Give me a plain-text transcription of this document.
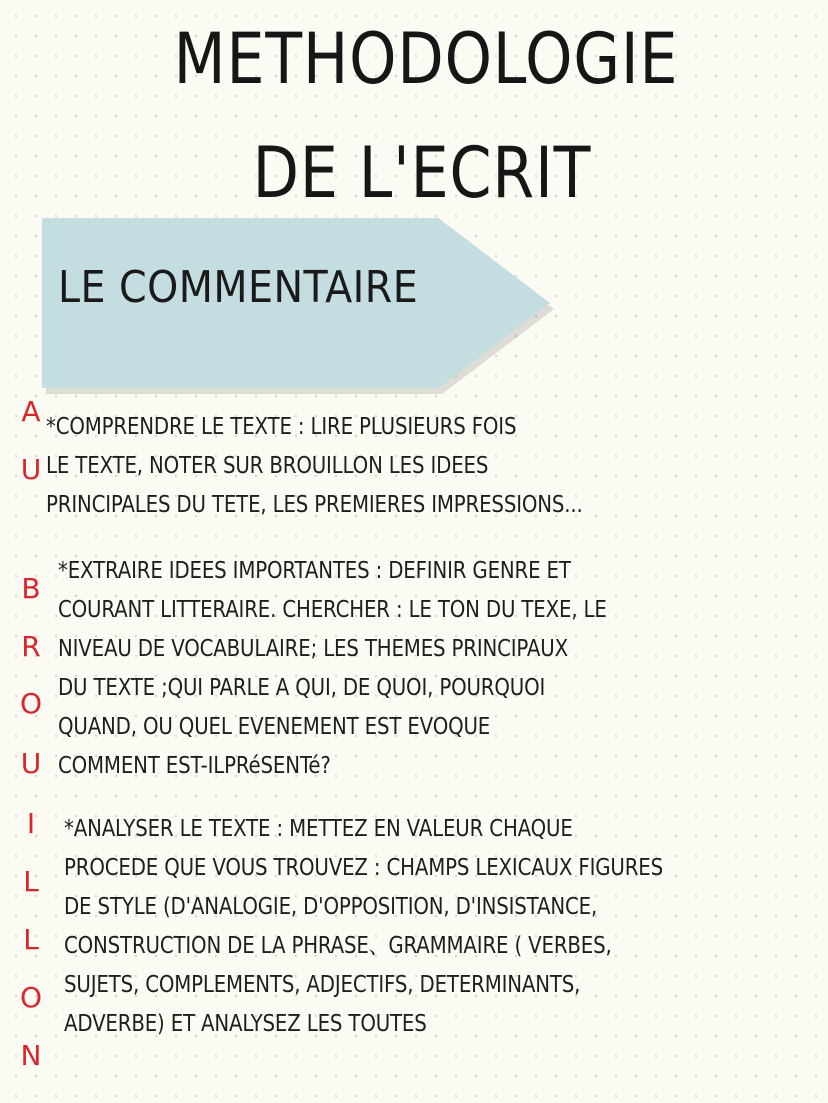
METHODOLOGIE
DE L'ECRIT
LE COMMENTAIRE
A
U
B
R
O
U
I
L
L
O
N
*COMPRENDRE LE TEXTE : LIRE PLUSIEURS FOIS
LE TEXTE, NOTER SUR BROUILLON LES IDEES
PRINCIPALES DU TETE, LES PREMIERES IMPRESSIONS...
*EXTRAIRE IDEES IMPORTANTES : DEFINIR GENRE ET
COURANT LITTERAIRE. CHERCHER : LE TON DU TEXE, LE
NIVEAU DE VOCABULAIRE; LES THEMES PRINCIPAUX
DU TEXTE ;QUI PARLE A QUI, DE QUOI, POURQUOI
QUAND, OU QUEL EVENEMENT EST EVOQUE
COMMENT EST-ILPRéSENTé?
*ANALYSER LE TEXTE : METTEZ EN VALEUR CHAQUE
PROCEDE QUE VOUS TROUVEZ : CHAMPS LEXICAUX FIGURES
DE STYLE (D'ANALOGIE, D'OPPOSITION, D'INSISTANCE,
CONSTRUCTION DE LA PHRASE、GRAMMAIRE ( VERBES,
SUJETS, COMPLEMENTS, ADJECTIFS, DETERMINANTS,
ADVERBE) ET ANALYSEZ LES TOUTES
